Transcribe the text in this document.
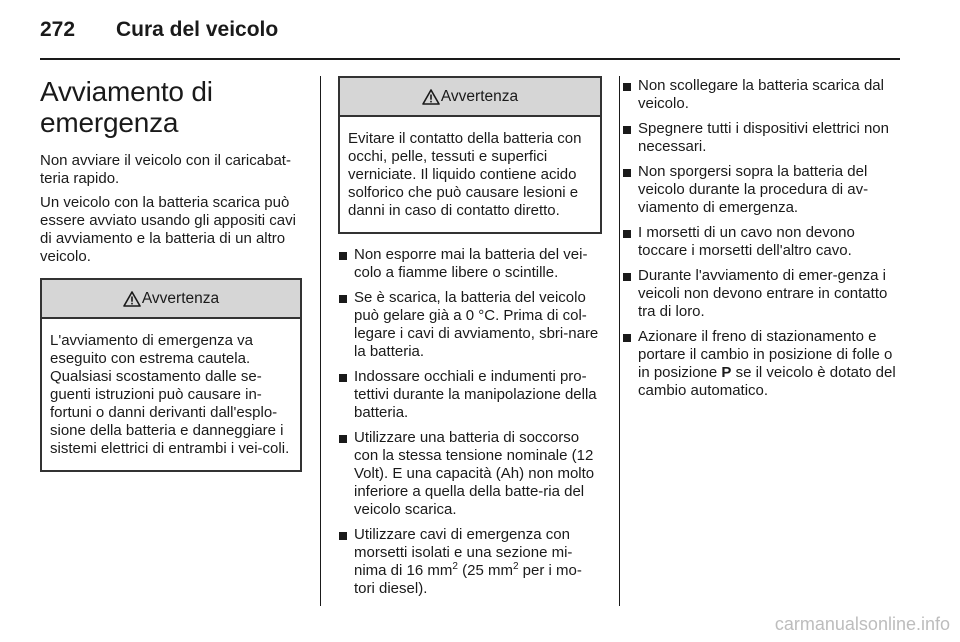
272 Cura del veicolo
Avviamento di emergenza

Non avviare il veicolo con il caricabat-teria rapido.

Un veicolo con la batteria scarica può essere avviato usando gli appositi cavi di avviamento e la batteria di un altro veicolo.

Avvertenza
L'avviamento di emergenza va eseguito con estrema cautela. Qualsiasi scostamento dalle se-guenti istruzioni può causare in-fortuni o danni derivanti dall'esplo-sione della batteria e danneggiare i sistemi elettrici di entrambi i vei-coli.
Avvertenza
Evitare il contatto della batteria con occhi, pelle, tessuti e superfici verniciate. Il liquido contiene acido solforico che può causare lesioni e danni in caso di contatto diretto.
Non esporre mai la batteria del vei-colo a fiamme libere o scintille.
Se è scarica, la batteria del veicolo può gelare già a 0 °C. Prima di col-legare i cavi di avviamento, sbri-nare la batteria.
Indossare occhiali e indumenti pro-tettivi durante la manipolazione della batteria.
Utilizzare una batteria di soccorso con la stessa tensione nominale (12 Volt). E una capacità (Ah) non molto inferiore a quella della batte-ria del veicolo scarica.
Utilizzare cavi di emergenza con morsetti isolati e una sezione mi-nima di 16 $mm^2$ (25 $mm^2$ per i mo-tori diesel).
Non scollegare la batteria scarica dal veicolo.
Spegnere tutti i dispositivi elettrici non necessari.
Non sporgersi sopra la batteria del veicolo durante la procedura di av-viamento di emergenza.
I morsetti di un cavo non devono toccare i morsetti dell'altro cavo.
Durante l'avviamento di emer-genza i veicoli non devono entrare in contatto tra di loro.
Azionare il freno di stazionamento e portare il cambio in posizione di folle o in posizione P se il veicolo è dotato del cambio automatico.
carmanualsonline.info
